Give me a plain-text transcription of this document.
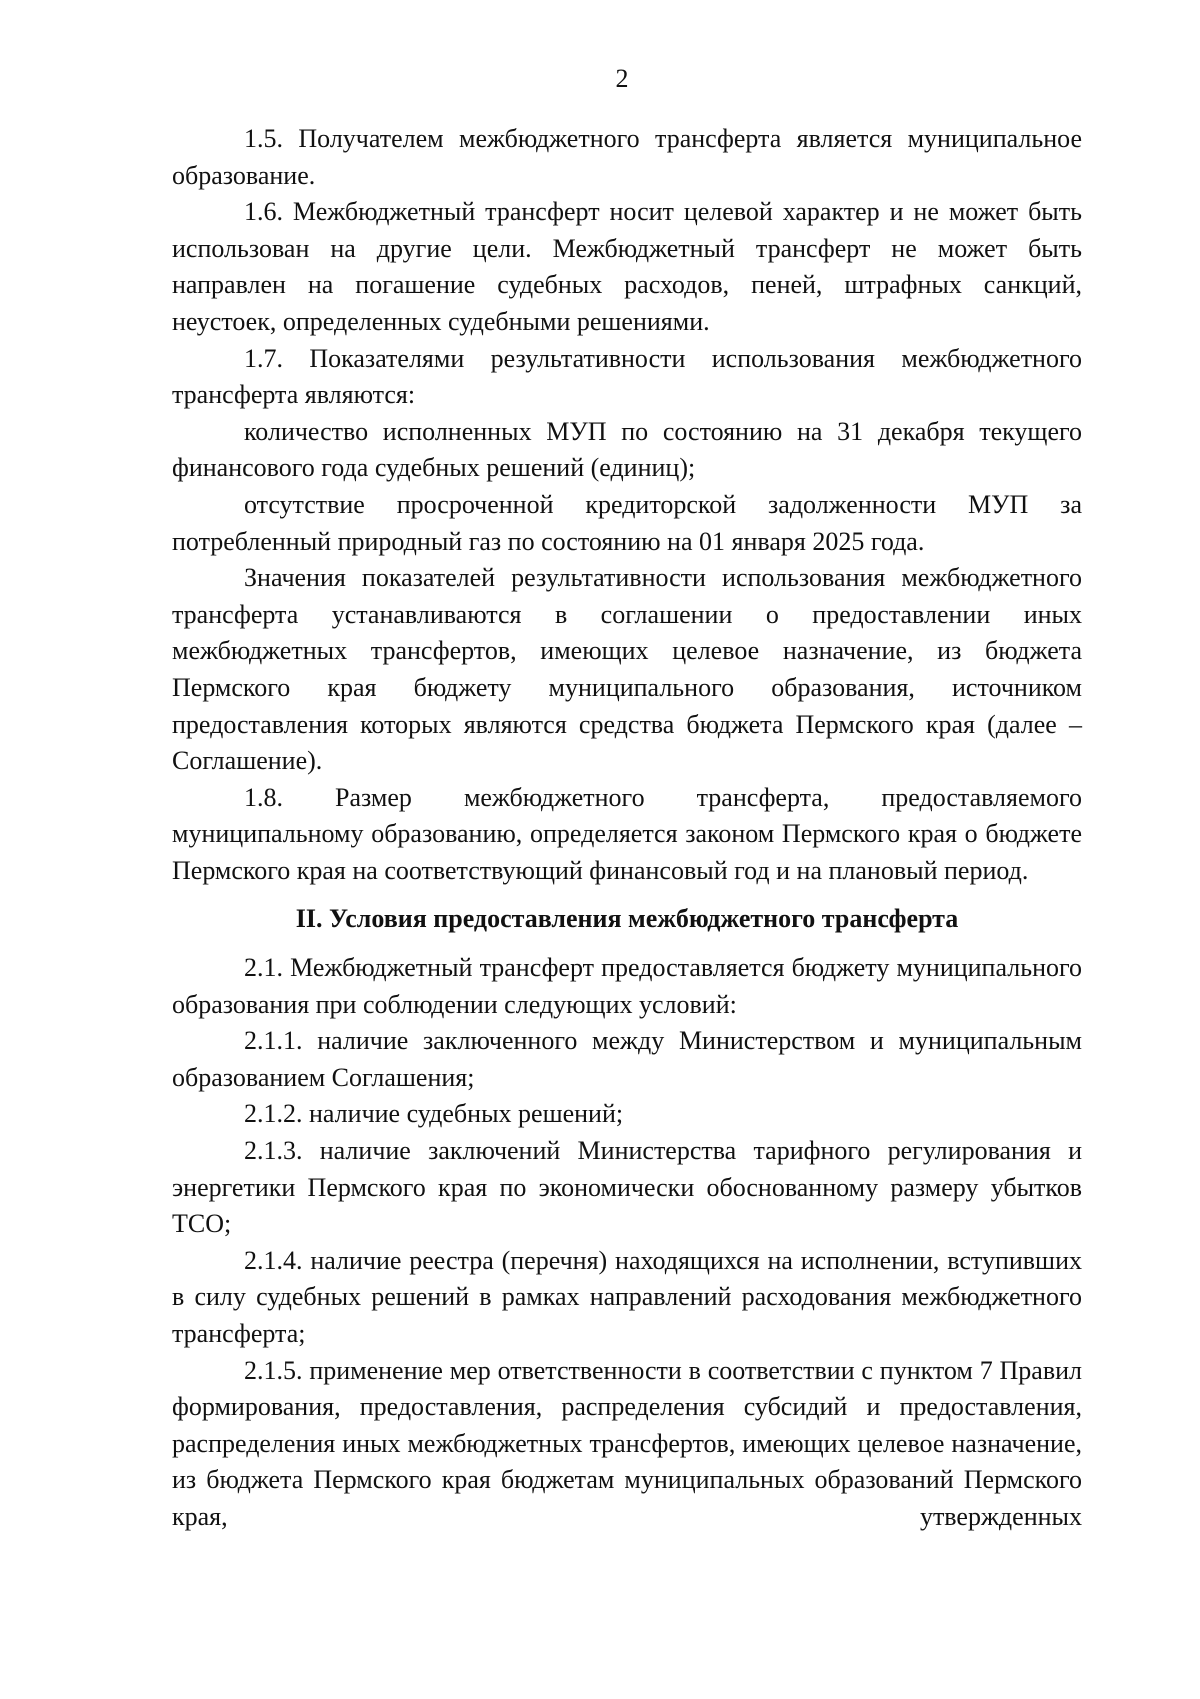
2

1.5. Получателем межбюджетного трансферта является муниципальное образование.

1.6. Межбюджетный трансферт носит целевой характер и не может быть использован на другие цели. Межбюджетный трансферт не может быть направлен на погашение судебных расходов, пеней, штрафных санкций, неустоек, определенных судебными решениями.

1.7. Показателями результативности использования межбюджетного трансферта являются:

количество исполненных МУП по состоянию на 31 декабря текущего финансового года судебных решений (единиц);

отсутствие просроченной кредиторской задолженности МУП за потребленный природный газ по состоянию на 01 января 2025 года.

Значения показателей результативности использования межбюджетного трансферта устанавливаются в соглашении о предоставлении иных межбюджетных трансфертов, имеющих целевое назначение, из бюджета Пермского края бюджету муниципального образования, источником предоставления которых являются средства бюджета Пермского края (далее – Соглашение).

1.8. Размер межбюджетного трансферта, предоставляемого муниципальному образованию, определяется законом Пермского края о бюджете Пермского края на соответствующий финансовый год и на плановый период.

II. Условия предоставления межбюджетного трансферта

2.1. Межбюджетный трансферт предоставляется бюджету муниципального образования при соблюдении следующих условий:

2.1.1. наличие заключенного между Министерством и муниципальным образованием Соглашения;

2.1.2. наличие судебных решений;

2.1.3. наличие заключений Министерства тарифного регулирования и энергетики Пермского края по экономически обоснованному размеру убытков ТСО;

2.1.4. наличие реестра (перечня) находящихся на исполнении, вступивших в силу судебных решений в рамках направлений расходования межбюджетного трансферта;

2.1.5. применение мер ответственности в соответствии с пунктом 7 Правил формирования, предоставления, распределения субсидий и предоставления, распределения иных межбюджетных трансфертов, имеющих целевое назначение, из бюджета Пермского края бюджетам муниципальных образований Пермского края, утвержденных
